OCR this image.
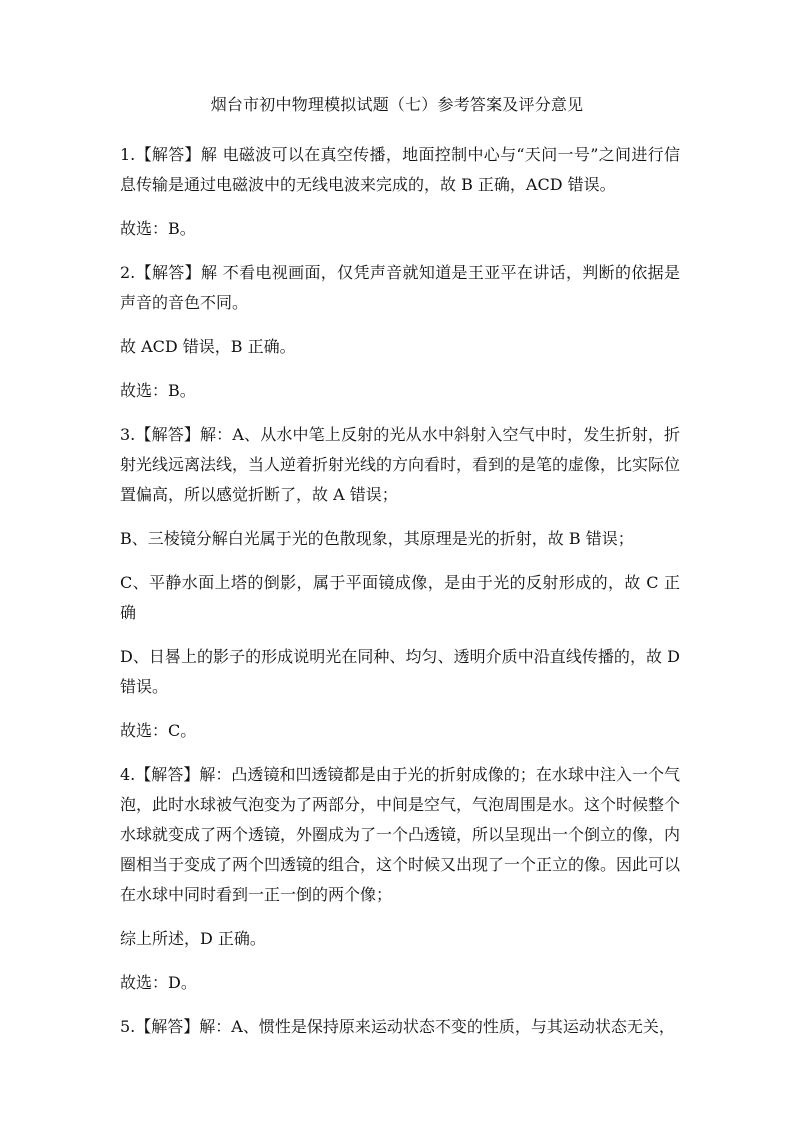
烟台市初中物理模拟试题（七）参考答案及评分意见

1.【解答】解 电磁波可以在真空传播，地面控制中心与“天问一号”之间进行信息传输是通过电磁波中的无线电波来完成的，故 B 正确，ACD 错误。

故选：B。

2.【解答】解 不看电视画面，仅凭声音就知道是王亚平在讲话，判断的依据是声音的音色不同。

故 ACD 错误，B 正确。

故选：B。

3.【解答】解：A、从水中笔上反射的光从水中斜射入空气中时，发生折射，折射光线远离法线，当人逆着折射光线的方向看时，看到的是笔的虚像，比实际位置偏高，所以感觉折断了，故 A 错误；

B、三棱镜分解白光属于光的色散现象，其原理是光的折射，故 B 错误；

C、平静水面上塔的倒影，属于平面镜成像，是由于光的反射形成的，故 C 正确

D、日晷上的影子的形成说明光在同种、均匀、透明介质中沿直线传播的，故 D 错误。

故选：C。

4.【解答】解：凸透镜和凹透镜都是由于光的折射成像的；在水球中注入一个气泡，此时水球被气泡变为了两部分，中间是空气，气泡周围是水。这个时候整个水球就变成了两个透镜，外圈成为了一个凸透镜，所以呈现出一个倒立的像，内圈相当于变成了两个凹透镜的组合，这个时候又出现了一个正立的像。因此可以在水球中同时看到一正一倒的两个像；

综上所述，D 正确。

故选：D。

5.【解答】解：A、惯性是保持原来运动状态不变的性质，与其运动状态无关，
